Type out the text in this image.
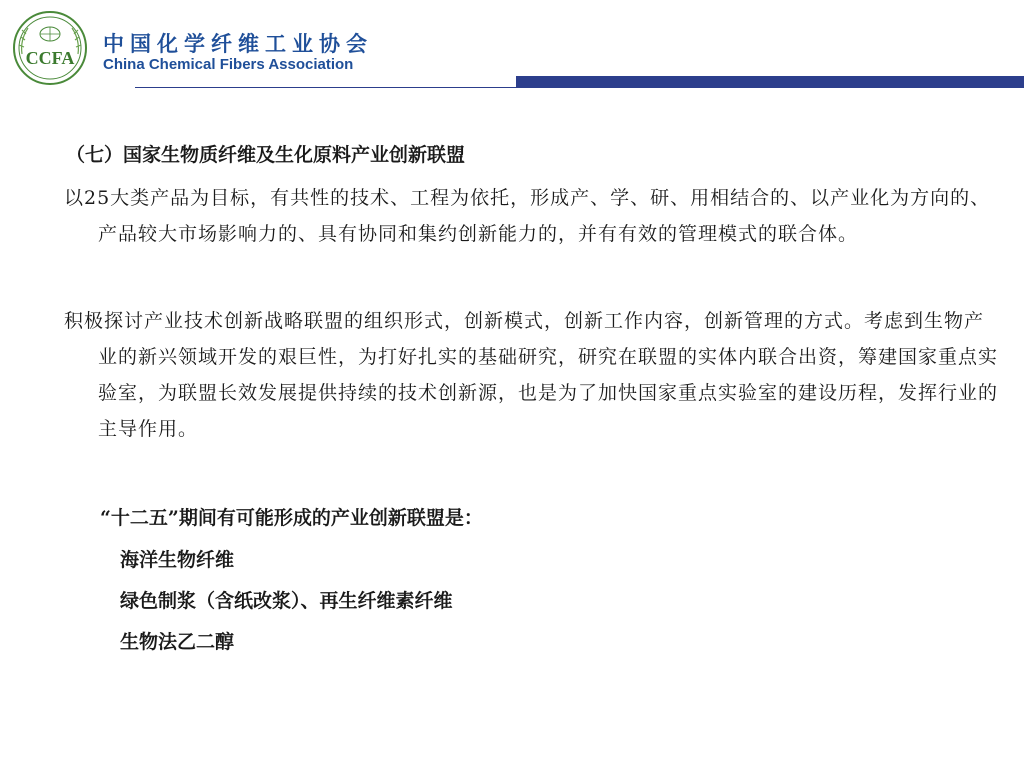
CCFA
中国化学纤维工业协会
China Chemical Fibers Association
（七）国家生物质纤维及生化原料产业创新联盟
以25大类产品为目标，有共性的技术、工程为依托，形成产、学、研、用相结合的、以产业化为方向的、产品较大市场影响力的、具有协同和集约创新能力的，并有有效的管理模式的联合体。
积极探讨产业技术创新战略联盟的组织形式，创新模式，创新工作内容，创新管理的方式。考虑到生物产业的新兴领域开发的艰巨性，为打好扎实的基础研究，研究在联盟的实体内联合出资，筹建国家重点实验室，为联盟长效发展提供持续的技术创新源，也是为了加快国家重点实验室的建设历程，发挥行业的主导作用。
“十二五”期间有可能形成的产业创新联盟是：
海洋生物纤维
绿色制浆（含纸改浆）、再生纤维素纤维
生物法乙二醇
